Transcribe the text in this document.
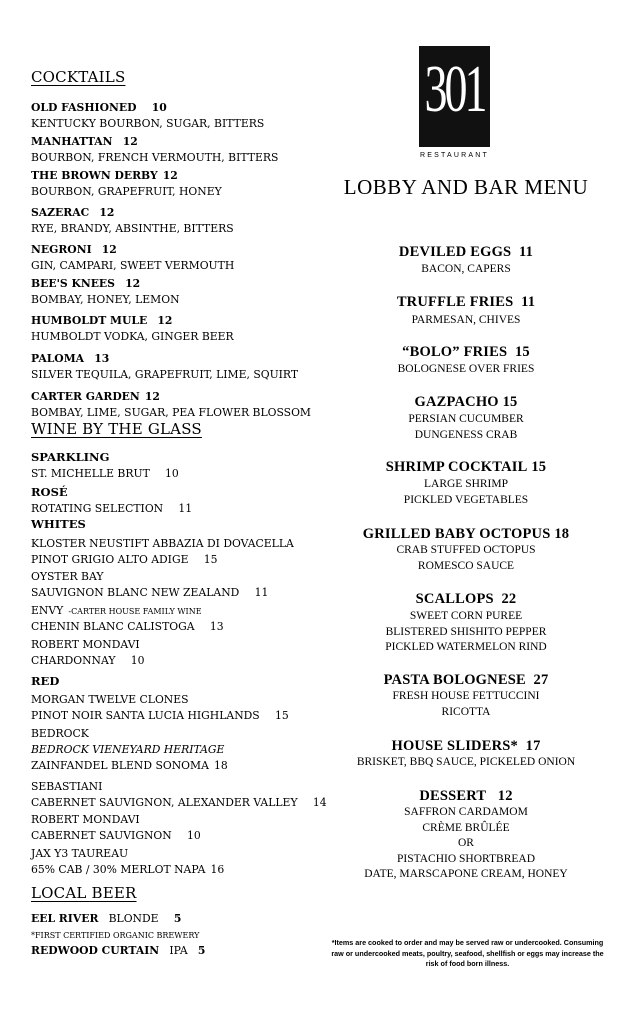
COCKTAILS
OLD FASHIONED 10
KENTUCKY BOURBON, SUGAR, BITTERS
MANHATTAN 12
BOURBON, FRENCH VERMOUTH, BITTERS
THE BROWN DERBY 12
BOURBON, GRAPEFRUIT, HONEY
SAZERAC 12
RYE, BRANDY, ABSINTHE, BITTERS
NEGRONI 12
GIN, CAMPARI, SWEET VERMOUTH
BEE'S KNEES 12
BOMBAY, HONEY, LEMON
HUMBOLDT MULE 12
HUMBOLDT VODKA, GINGER BEER
PALOMA 13
SILVER TEQUILA, GRAPEFRUIT, LIME, SQUIRT
CARTER GARDEN 12
BOMBAY, LIME, SUGAR, PEA FLOWER BLOSSOM
WINE BY THE GLASS
SPARKLING
ST. MICHELLE BRUT 10
ROSÉ
ROTATING SELECTION 11
WHITES
KLOSTER NEUSTIFT ABBAZIA DI DOVACELLA
PINOT GRIGIO ALTO ADIGE 15
OYSTER BAY
SAUVIGNON BLANC NEW ZEALAND 11
ENVY -CARTER HOUSE FAMILY WINE
CHENIN BLANC CALISTOGA 13
ROBERT MONDAVI
CHARDONNAY 10
RED
MORGAN TWELVE CLONES
PINOT NOIR SANTA LUCIA HIGHLANDS 15
BEDROCK
BEDROCK VIENEYARD HERITAGE
ZAINFANDEL BLEND SONOMA 18
SEBASTIANI
CABERNET SAUVIGNON, ALEXANDER VALLEY 14
ROBERT MONDAVI
CABERNET SAUVIGNON 10
JAX Y3 TAUREAU
65% CAB / 30% MERLOT NAPA 16
LOCAL BEER
EEL RIVER BLONDE 5
*FIRST CERTIFIED ORGANIC BREWERY
REDWOOD CURTAIN IPA 5
301
RESTAURANT
LOBBY AND BAR MENU
DEVILED EGGS 11
BACON, CAPERS
TRUFFLE FRIES 11
PARMESAN, CHIVES
“BOLO” FRIES 15
BOLOGNESE OVER FRIES
GAZPACHO 15
PERSIAN CUCUMBER
DUNGENESS CRAB
SHRIMP COCKTAIL 15
LARGE SHRIMP
PICKLED VEGETABLES
GRILLED BABY OCTOPUS 18
CRAB STUFFED OCTOPUS
ROMESCO SAUCE
SCALLOPS 22
SWEET CORN PUREE
BLISTERED SHISHITO PEPPER
PICKLED WATERMELON RIND
PASTA BOLOGNESE 27
FRESH HOUSE FETTUCCINI
RICOTTA
HOUSE SLIDERS* 17
BRISKET, BBQ SAUCE, PICKELED ONION
DESSERT 12
SAFFRON CARDAMOM
CRÈME BRÛLÉE
OR
PISTACHIO SHORTBREAD
DATE, MARSCAPONE CREAM, HONEY
*Items are cooked to order and may be served raw or undercooked. Consuming raw or undercooked meats, poultry, seafood, shellfish or eggs may increase the risk of food born illness.
